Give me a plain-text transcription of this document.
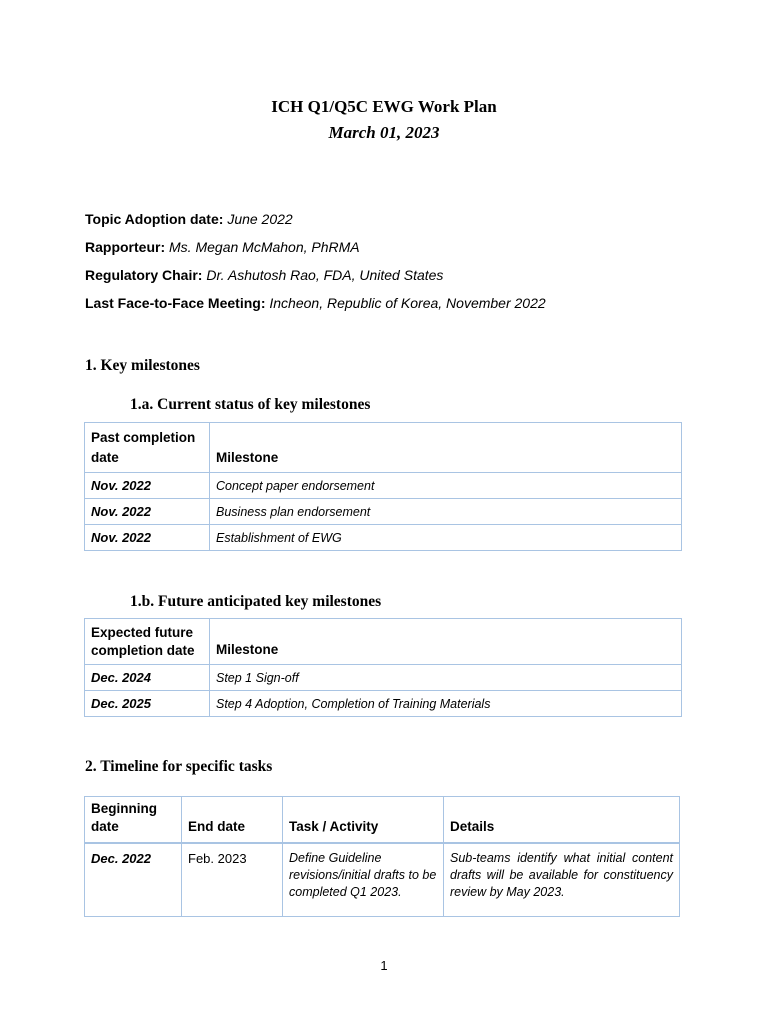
ICH Q1/Q5C EWG Work Plan
March 01, 2023
Topic Adoption date: June 2022
Rapporteur: Ms. Megan McMahon, PhRMA
Regulatory Chair: Dr. Ashutosh Rao, FDA, United States
Last Face-to-Face Meeting: Incheon, Republic of Korea, November 2022
1. Key milestones
1.a. Current status of key milestones
Past completion date	Milestone
Nov. 2022	Concept paper endorsement
Nov. 2022	Business plan endorsement
Nov. 2022	Establishment of EWG
1.b. Future anticipated key milestones
Expected future completion date	Milestone
Dec. 2024	Step 1 Sign-off
Dec. 2025	Step 4 Adoption, Completion of Training Materials
2. Timeline for specific tasks
Beginning date	End date	Task / Activity	Details
Dec. 2022	Feb. 2023	Define Guideline revisions/initial drafts to be completed Q1 2023.	Sub-teams identify what initial content drafts will be available for constituency review by May 2023.
1
